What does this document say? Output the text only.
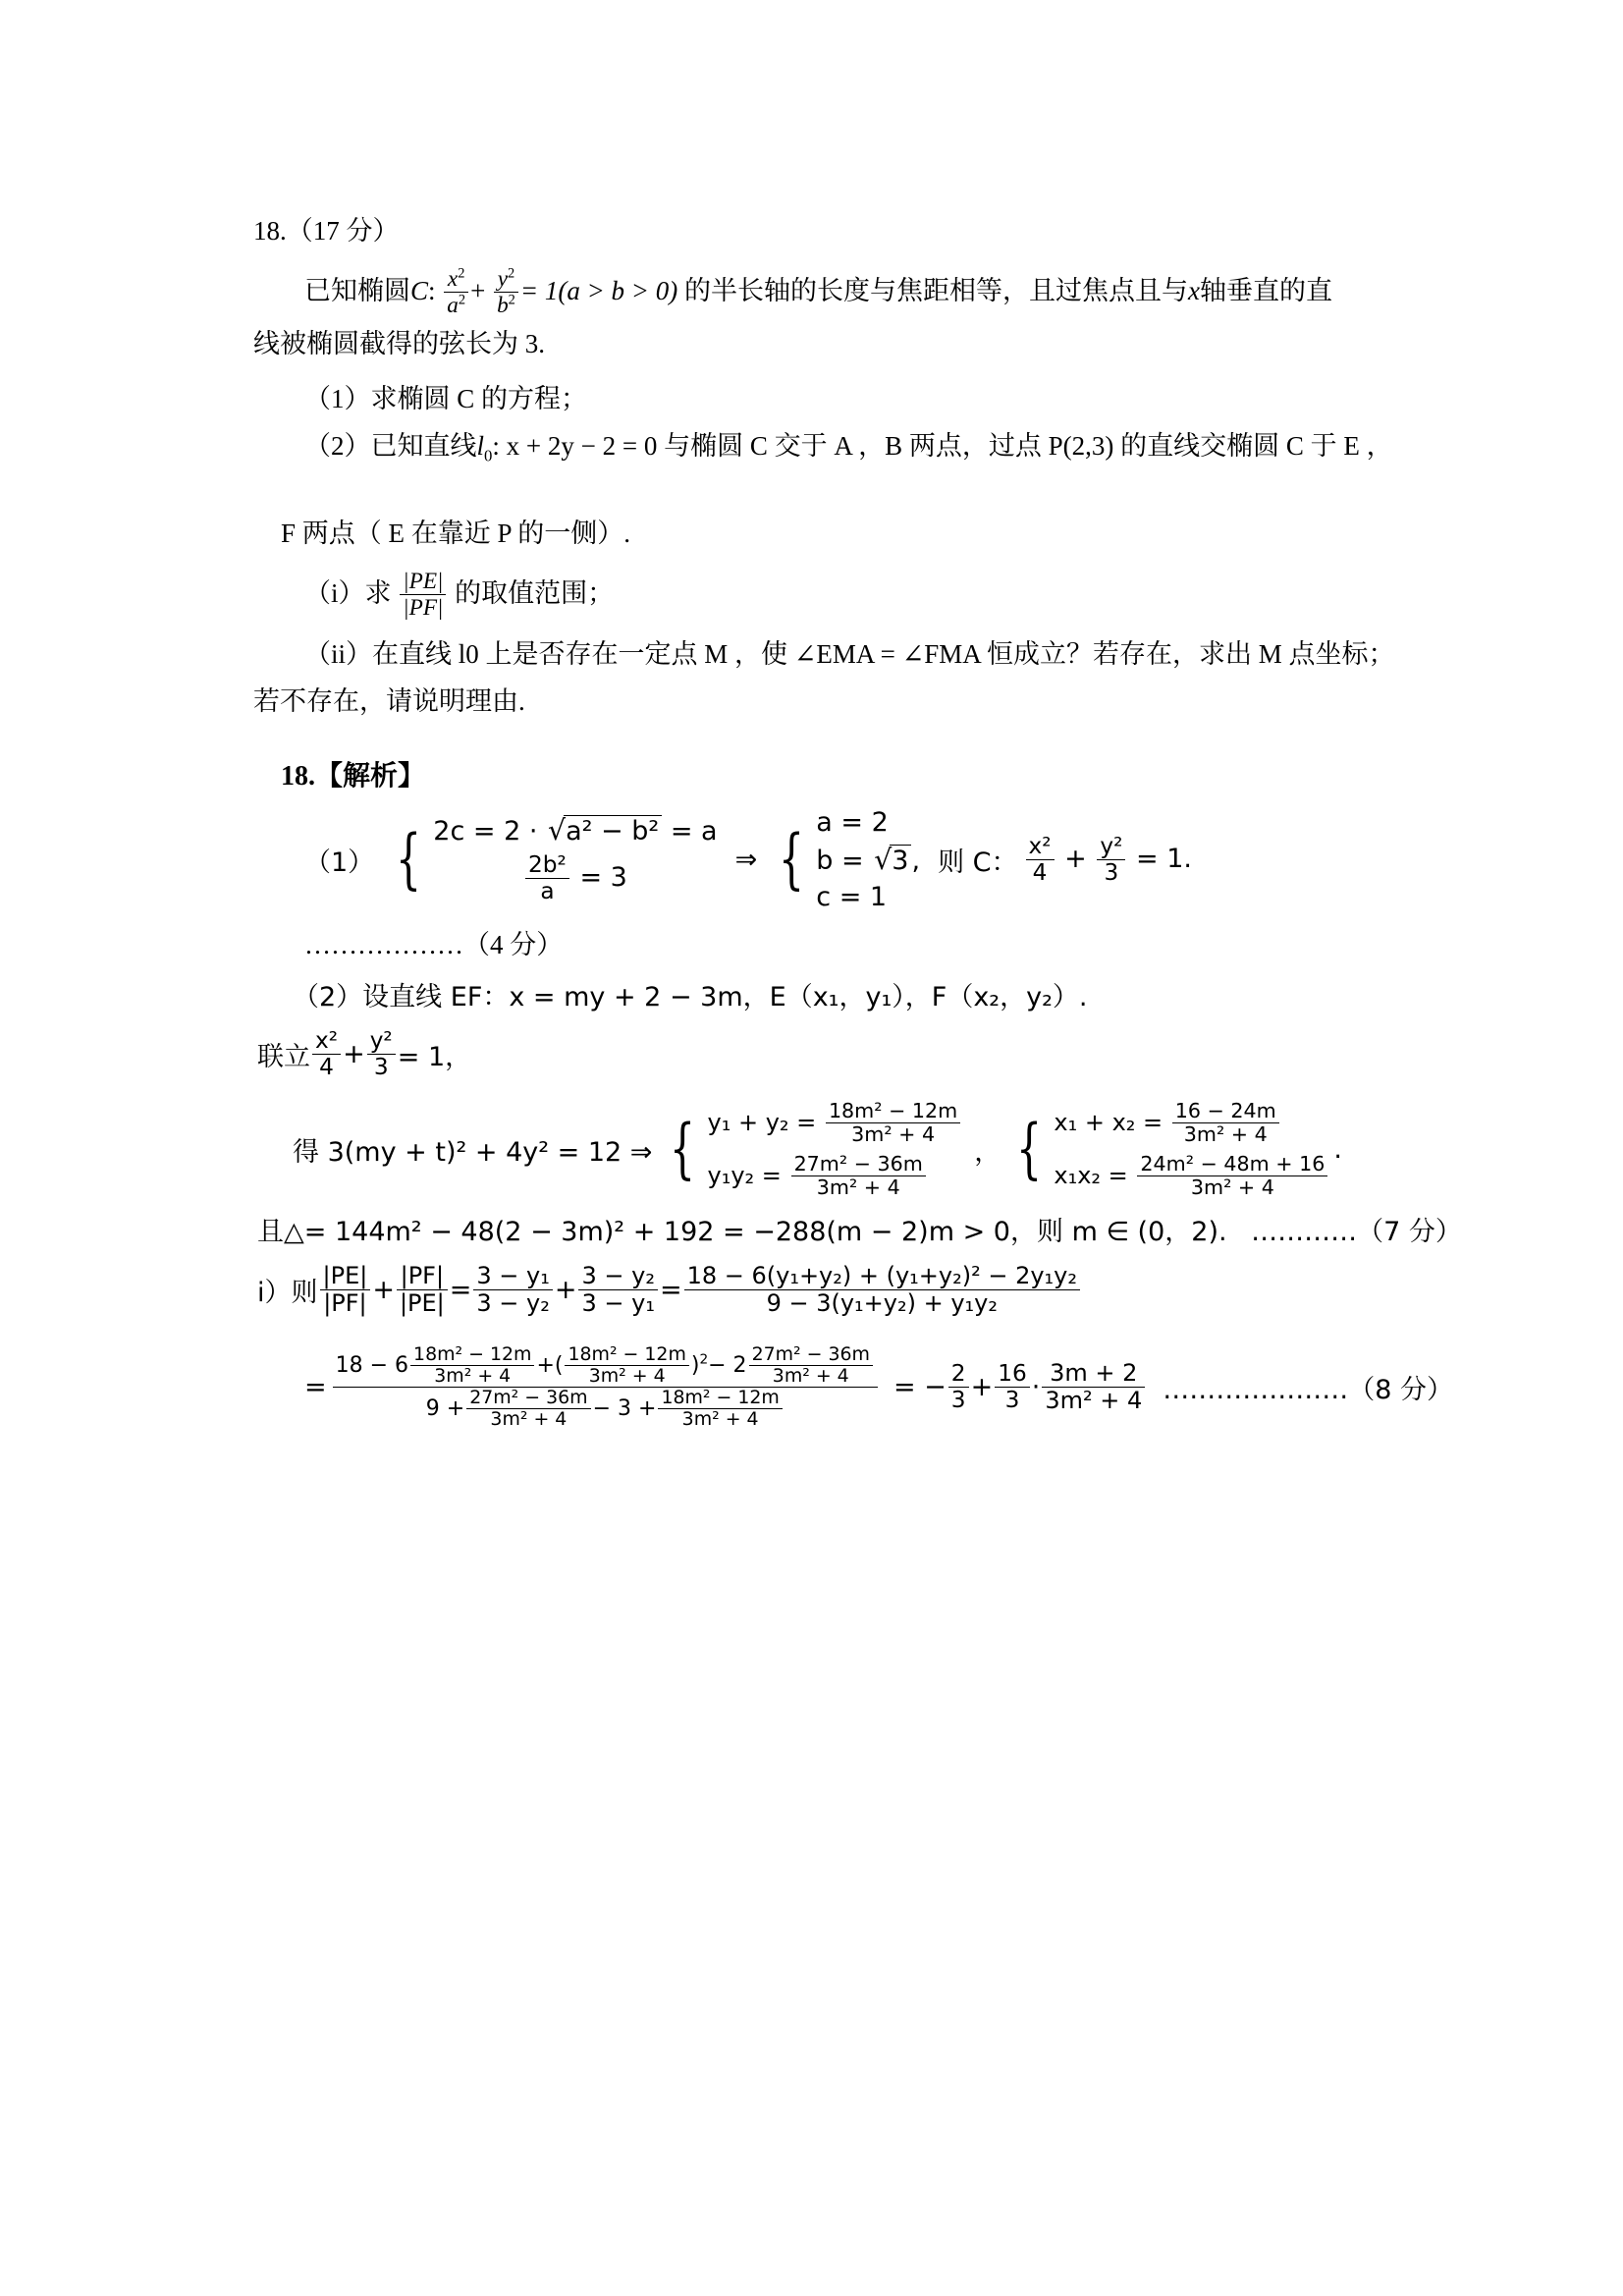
18.（17 分）
已知椭圆C: $\frac{x^2}{a^2} + \frac{y^2}{b^2} = 1(a > b > 0)$ 的半长轴的长度与焦距相等，且过焦点且与x轴垂直的直
线被椭圆截得的弦长为 3.
（1）求椭圆 C 的方程；
（2）已知直线$l_0$: x + 2y − 2 = 0 与椭圆 C 交于 A ，B 两点，过点 P(2,3) 的直线交椭圆 C 于 E ，
F 两点（ E 在靠近 P 的一侧）.
（i）求 $\frac{|PE|}{|PF|}$ 的取值范围；
（ii）在直线 l0 上是否存在一定点 M ，使 ∠EMA = ∠FMA 恒成立？若存在，求出 M 点坐标；
若不存在，请说明理由.
18.【解析】
（1） { 2c = 2 · √a² − b² = a
$\frac{\text{2b²}}{a} = 3$
⇒ { a = 2
b = √3 ,
c = 1
则 C： $\frac{\text{x²}}{4} + \frac{\text{y²}}{3} = 1$.
………………（4 分）
（2）设直线 EF：x = my + 2 − 3m，E（x₁，y₁），F（x₂，y₂）.
联立 $\frac{\text{x²}}{4} + \frac{\text{y²}}{3} = 1$，
得 3(my + t)² + 4y² = 12 ⇒ { $y_1 + y_2 = \frac{\text{18m² − 12m}}{\text{3m² + 4}}$
$y_1y_2 = \frac{\text{27m² − 36m}}{\text{3m² + 4}}$ ， { $x_1 + x_2 = \frac{16 - 24m}{\text{3m² + 4}}$
$x_1x_2 = \frac{\text{24m² − 48m + 16}}{\text{3m² + 4}}$
.
且△= 144m² − 48(2 − 3m)² + 192 = −288(m − 2)m > 0，则 m ∈ (0，2). …………（7 分）
i）则 $\frac{|PE|}{|PF|} + \frac{|PF|}{|PE|} = \frac{\text{3 − y₁}}{\text{3 − y₂}} + \frac{\text{3 − y₂}}{\text{3 − y₁}} = \frac{\text{18 − 6(y₁+y₂) + (y₁+y₂)² − 2y₁y₂}}{\text{9 − 3(y₁+y₂) + y₁y₂}}$
=
$18 - 6 \frac{\text{18m² − 12m}}{\text{3m² + 4}}$ +( $\frac{\text{18m² − 12m}}{\text{3m² + 4}} )^2- 2 \frac{\text{27m² − 36m}}{\text{3m² + 4}}$
$9 + \frac{\text{27m² − 36m}}{\text{3m² + 4}} - 3 + \frac{\text{18m² − 12m}}{\text{3m² + 4}}$
= − $\frac{2}{3} + \frac{16}{3} \cdot \frac{3m + 2}{\text{3m² + 4}}$ …………………（8 分）
